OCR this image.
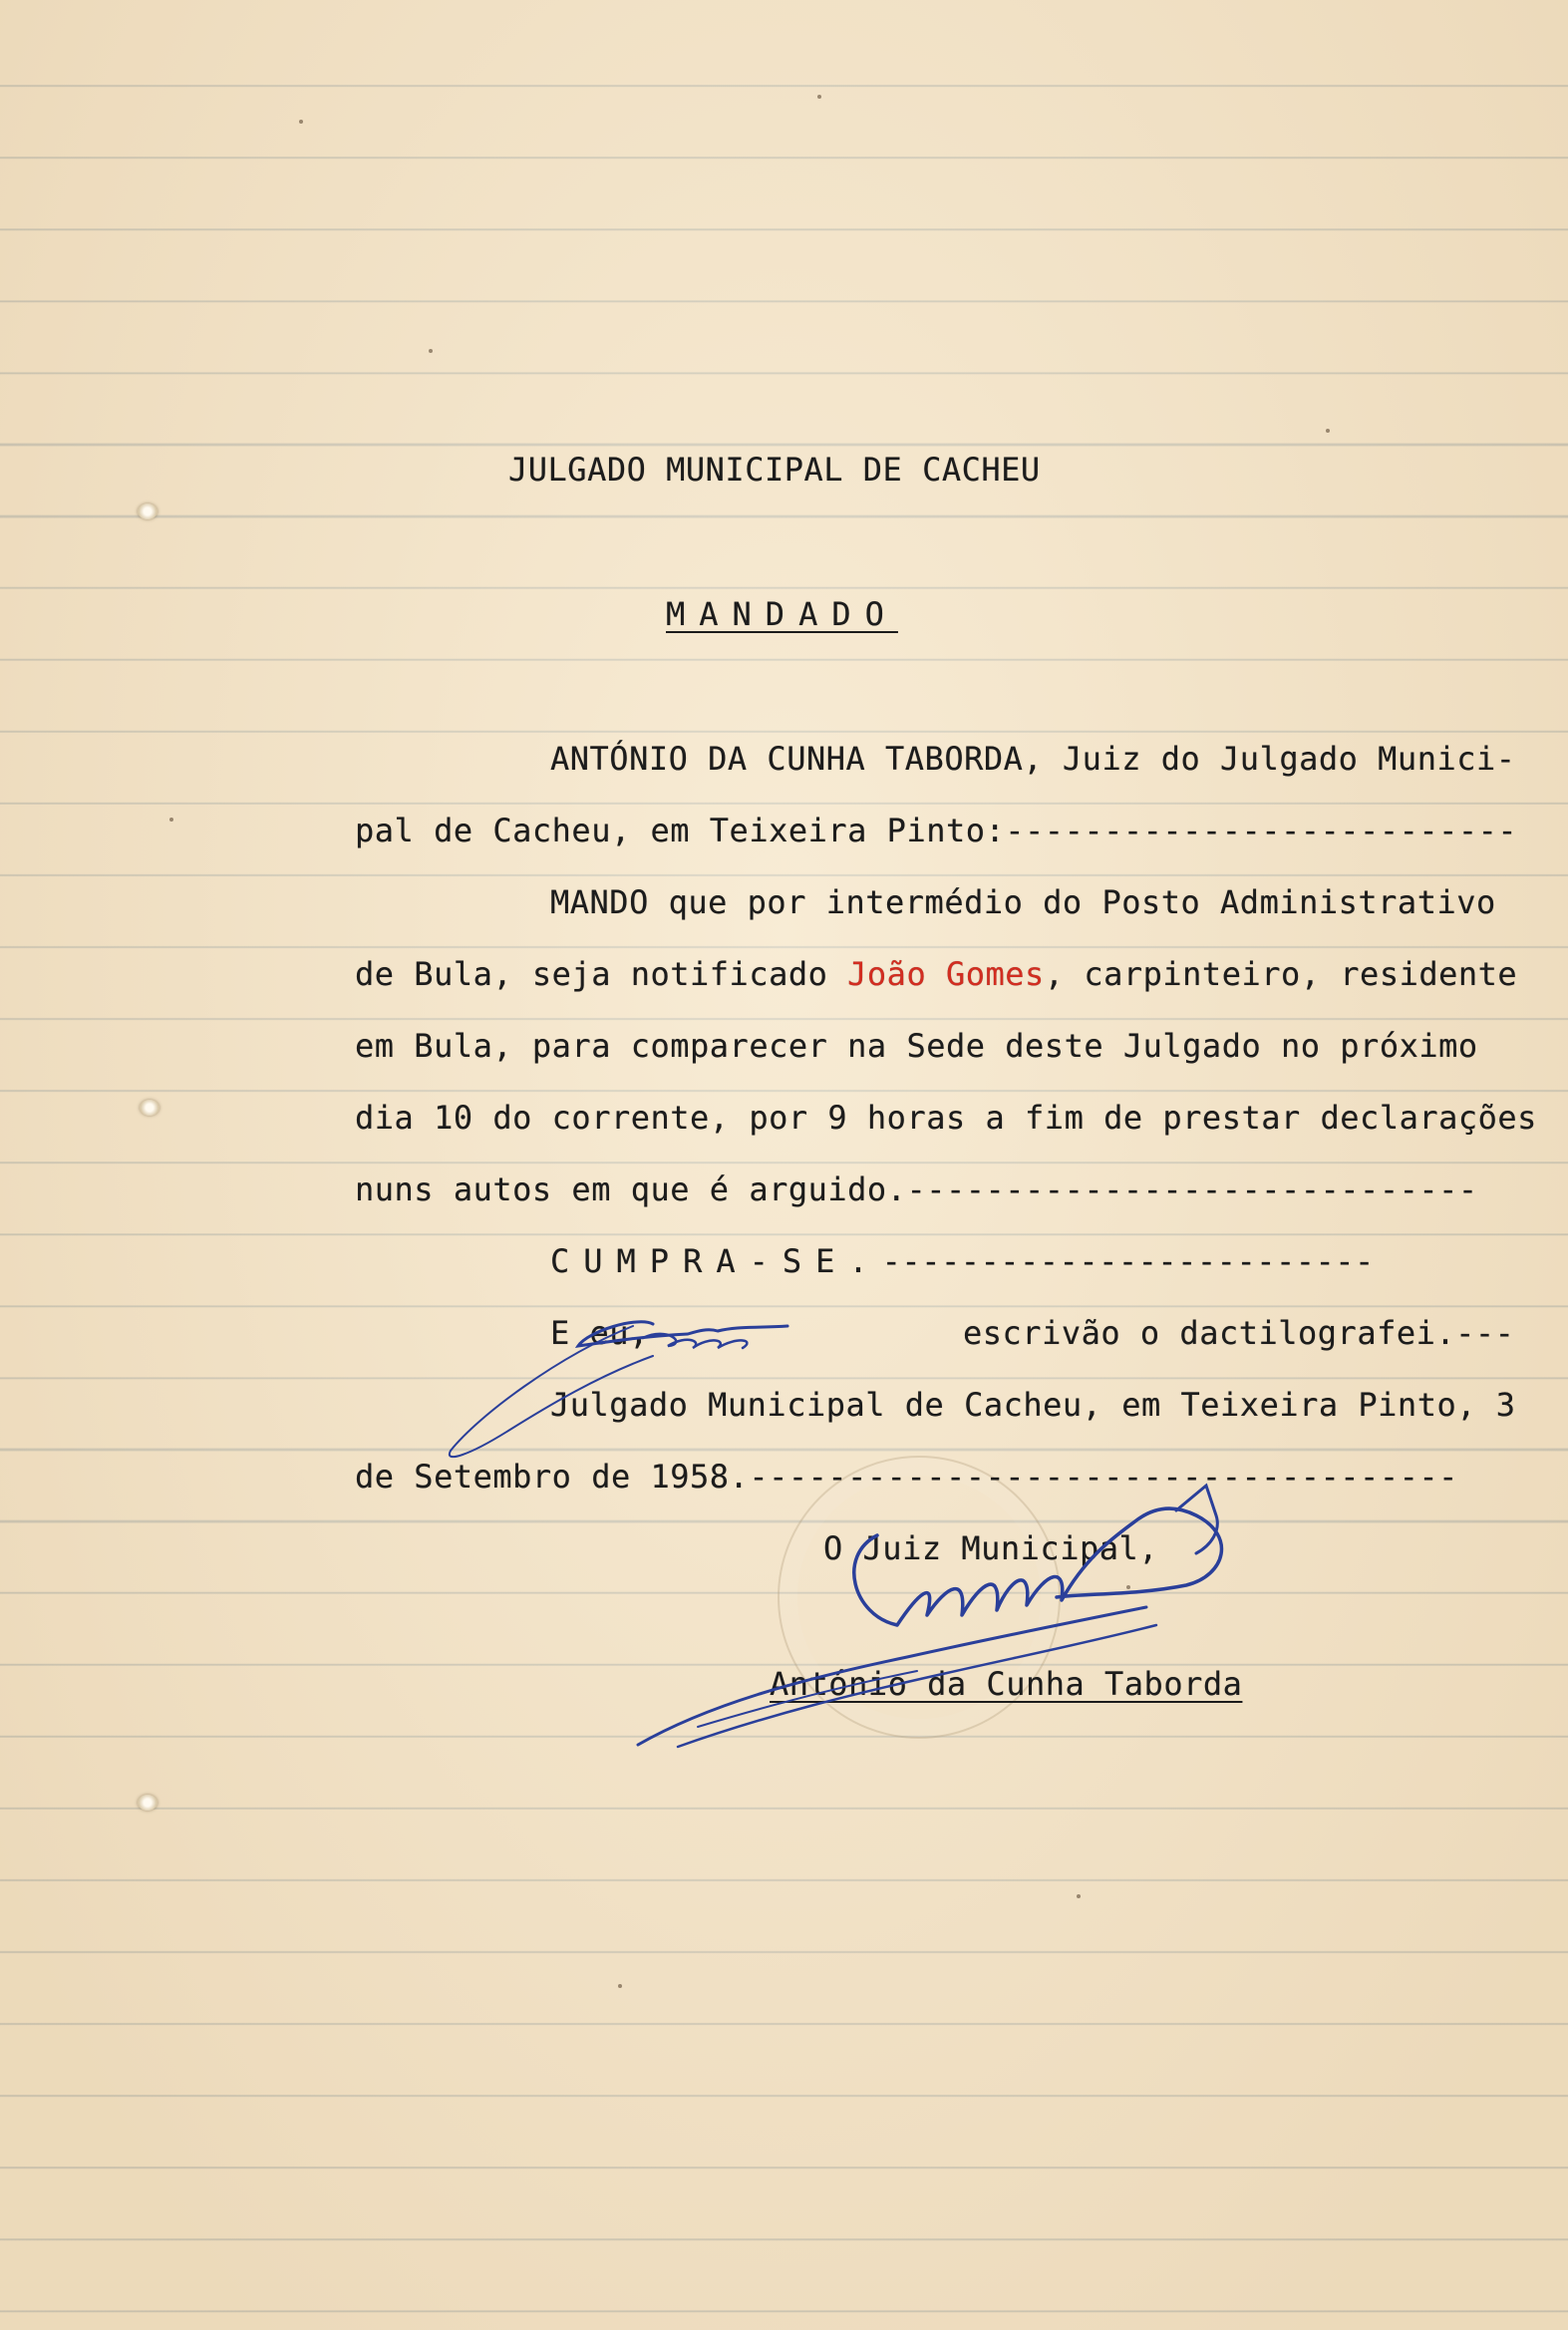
JULGADO MUNICIPAL DE CACHEU
MANDADO
ANTÓNIO DA CUNHA TABORDA, Juiz do Julgado Munici-
pal de Cacheu, em Teixeira Pinto:--------------------------
MANDO que por intermédio do Posto Administrativo
de Bula, seja notificado João Gomes, carpinteiro, residente
em Bula, para comparecer na Sede deste Julgado no próximo
dia 10 do corrente, por 9 horas a fim de prestar declarações
nuns autos em que é arguido.-----------------------------
CUMPRA-SE.-------------------------
E eu,	escrivão o dactilografei.---
Julgado Municipal de Cacheu, em Teixeira Pinto, 3
de Setembro de 1958.------------------------------------
O Juiz Municipal,
António da Cunha Taborda
